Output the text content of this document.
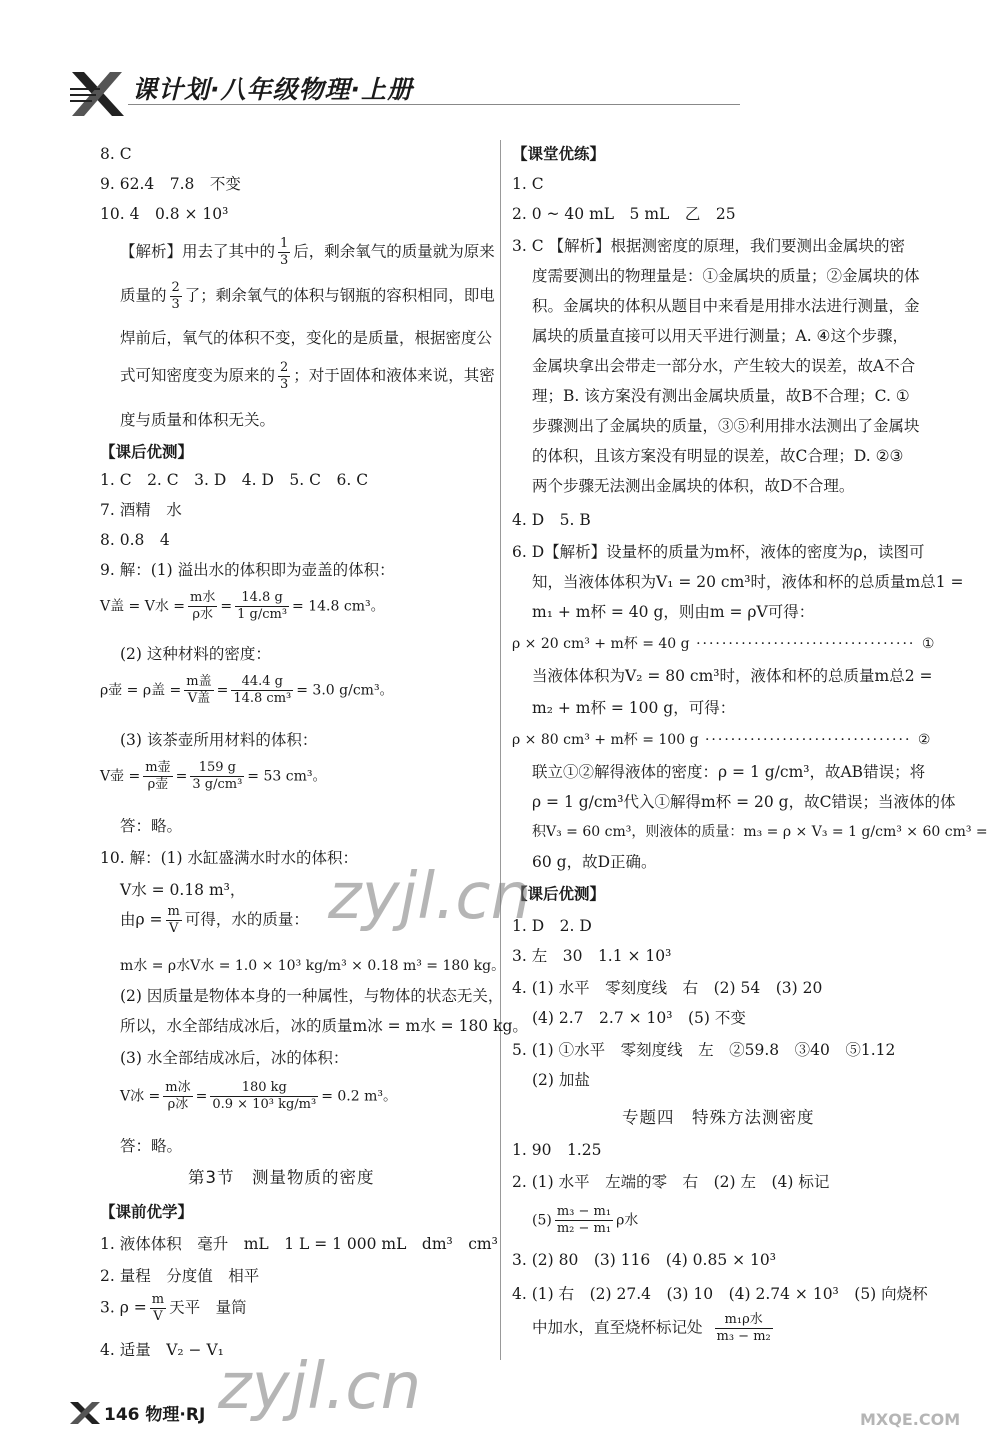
课计划·八年级物理·上册
8. C
9. 62.4　7.8　不变
10. 4　0.8 × 10³
【解析】用去了其中的 $\frac{1}{3}$ 后，剩余氧气的质量就为原来
质量的 $\frac{2}{3}$ 了；剩余氧气的体积与钢瓶的容积相同，即电
焊前后，氧气的体积不变，变化的是质量，根据密度公
式可知密度变为原来的 $\frac{2}{3}$ ；对于固体和液体来说，其密
度与质量和体积无关。
【课后优测】
1. C　2. C　3. D　4. D　5. C　6. C
7. 酒精　水
8. 0.8　4
9. 解：(1) 溢出水的体积即为壶盖的体积：
V盖 = V水 = $\frac{\text{m水}}{\text{ρ水}} = \frac{14.8 g}{\text{1 g/cm³}} = 14.8$ cm³。
(2) 这种材料的密度：
ρ壶 = ρ盖 = $\frac{\text{m盖}}{\text{V盖}} = \frac{44.4 g}{\text{14.8 cm³}} = 3.0$ g/cm³。
(3) 该茶壶所用材料的体积：
V壶 = $\frac{\text{m壶}}{\text{ρ壶}} = \frac{159 g}{\text{3 g/cm³}} = 53$ cm³。
答：略。
10. 解：(1) 水缸盛满水时水的体积：
V水 = 0.18 m³，
由$\rho = \frac{m}{V}$ 可得，水的质量：
m水 = ρ水V水 = 1.0 × 10³ kg/m³ × 0.18 m³ = 180 kg。
(2) 因质量是物体本身的一种属性，与物体的状态无关，
所以，水全部结成冰后，冰的质量m冰 = m水 = 180 kg。
(3) 水全部结成冰后，冰的体积：
V冰 = $\frac{\text{m冰}}{\text{ρ冰}} = \frac{180 kg}{\text{0.9 × 10³ kg/m³}} = 0.2$ m³。
答：略。
第3节　测量物质的密度
【课前优学】
1. 液体体积　毫升　mL　1 L = 1 000 mL　dm³　cm³
2. 量程　分度值　相平
3. $\rho = \frac{m}{V}$ 天平　量筒
4. 适量　V₂ − V₁
【课堂优练】
1. C
2. 0 ~ 40 mL　5 mL　乙　25
3. C 【解析】根据测密度的原理，我们要测出金属块的密
度需要测出的物理量是：①金属块的质量；②金属块的体
积。金属块的体积从题目中来看是用排水法进行测量，金
属块的质量直接可以用天平进行测量；A. ④这个步骤，
金属块拿出会带走一部分水，产生较大的误差，故A不合
理；B. 该方案没有测出金属块质量，故B不合理；C. ①
步骤测出了金属块的质量，③⑤利用排水法测出了金属块
的体积，且该方案没有明显的误差，故C合理；D. ②③
两个步骤无法测出金属块的体积，故D不合理。
4. D　5. B
6. D【解析】设量杯的质量为m杯，液体的密度为ρ，读图可
知，当液体体积为V₁ = 20 cm³时，液体和杯的总质量m总1 =
m₁ + m杯 = 40 g，则由m = ρV可得：
ρ × 20 cm³ + m杯 = 40 g ·································· ①
当液体体积为V₂ = 80 cm³时，液体和杯的总质量m总2 =
m₂ + m杯 = 100 g，可得：
ρ × 80 cm³ + m杯 = 100 g ································ ②
联立①②解得液体的密度：ρ = 1 g/cm³，故AB错误；将
ρ = 1 g/cm³代入①解得m杯 = 20 g，故C错误；当液体的体
积V₃ = 60 cm³，则液体的质量：m₃ = ρ × V₃ = 1 g/cm³ × 60 cm³ =
60 g，故D正确。
【课后优测】
1. D　2. D
3. 左　30　1.1 × 10³
4. (1) 水平　零刻度线　右　(2) 54　(3) 20
(4) 2.7　2.7 × 10³　(5) 不变
5. (1) ①水平　零刻度线　左　②59.8　③40　⑤1.12
(2) 加盐
专题四　特殊方法测密度
1. 90　1.25
2. (1) 水平　左端的零　右　(2) 左　(4) 标记
$(5) \frac{\text{m₃ − m₁}}{\text{m₂ − m₁}}$ ρ水
3. (2) 80　(3) 116　(4) 0.85 × 10³
4. (1) 右　(2) 27.4　(3) 10　(4) 2.74 × 10³　(5) 向烧杯
中加水，直至烧杯标记处 $\frac{\text{m₁ρ水}}{\text{m₃ − m₂}}$
zyjl.cn
zyjl.cn	MXQE.COM
146 物理·RJ
